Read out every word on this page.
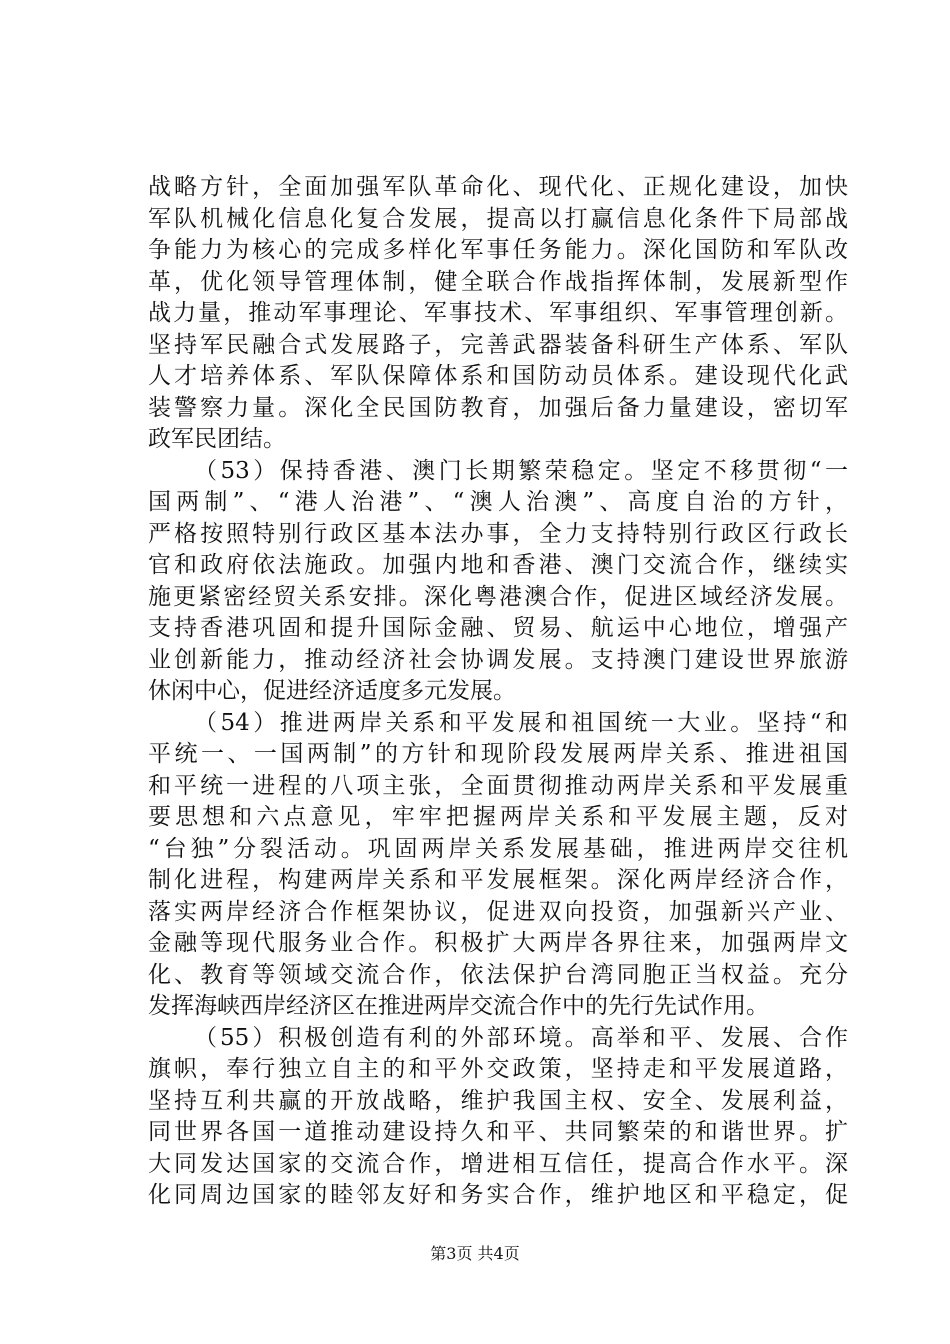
战略方针，全面加强军队革命化、现代化、正规化建设，加快
军队机械化信息化复合发展，提高以打赢信息化条件下局部战
争能力为核心的完成多样化军事任务能力。深化国防和军队改
革，优化领导管理体制，健全联合作战指挥体制，发展新型作
战力量，推动军事理论、军事技术、军事组织、军事管理创新。
坚持军民融合式发展路子，完善武器装备科研生产体系、军队
人才培养体系、军队保障体系和国防动员体系。建设现代化武
装警察力量。深化全民国防教育，加强后备力量建设，密切军
政军民团结。
（53）保持香港、澳门长期繁荣稳定。坚定不移贯彻“一
国两制”、“港人治港”、“澳人治澳”、高度自治的方针，
严格按照特别行政区基本法办事，全力支持特别行政区行政长
官和政府依法施政。加强内地和香港、澳门交流合作，继续实
施更紧密经贸关系安排。深化粤港澳合作，促进区域经济发展。
支持香港巩固和提升国际金融、贸易、航运中心地位，增强产
业创新能力，推动经济社会协调发展。支持澳门建设世界旅游
休闲中心，促进经济适度多元发展。
（54）推进两岸关系和平发展和祖国统一大业。坚持“和
平统一、一国两制”的方针和现阶段发展两岸关系、推进祖国
和平统一进程的八项主张，全面贯彻推动两岸关系和平发展重
要思想和六点意见，牢牢把握两岸关系和平发展主题，反对
“台独”分裂活动。巩固两岸关系发展基础，推进两岸交往机
制化进程，构建两岸关系和平发展框架。深化两岸经济合作，
落实两岸经济合作框架协议，促进双向投资，加强新兴产业、
金融等现代服务业合作。积极扩大两岸各界往来，加强两岸文
化、教育等领域交流合作，依法保护台湾同胞正当权益。充分
发挥海峡西岸经济区在推进两岸交流合作中的先行先试作用。
（55）积极创造有利的外部环境。高举和平、发展、合作
旗帜，奉行独立自主的和平外交政策，坚持走和平发展道路，
坚持互利共赢的开放战略，维护我国主权、安全、发展利益，
同世界各国一道推动建设持久和平、共同繁荣的和谐世界。扩
大同发达国家的交流合作，增进相互信任，提高合作水平。深
化同周边国家的睦邻友好和务实合作，维护地区和平稳定，促
第3页 共4页
